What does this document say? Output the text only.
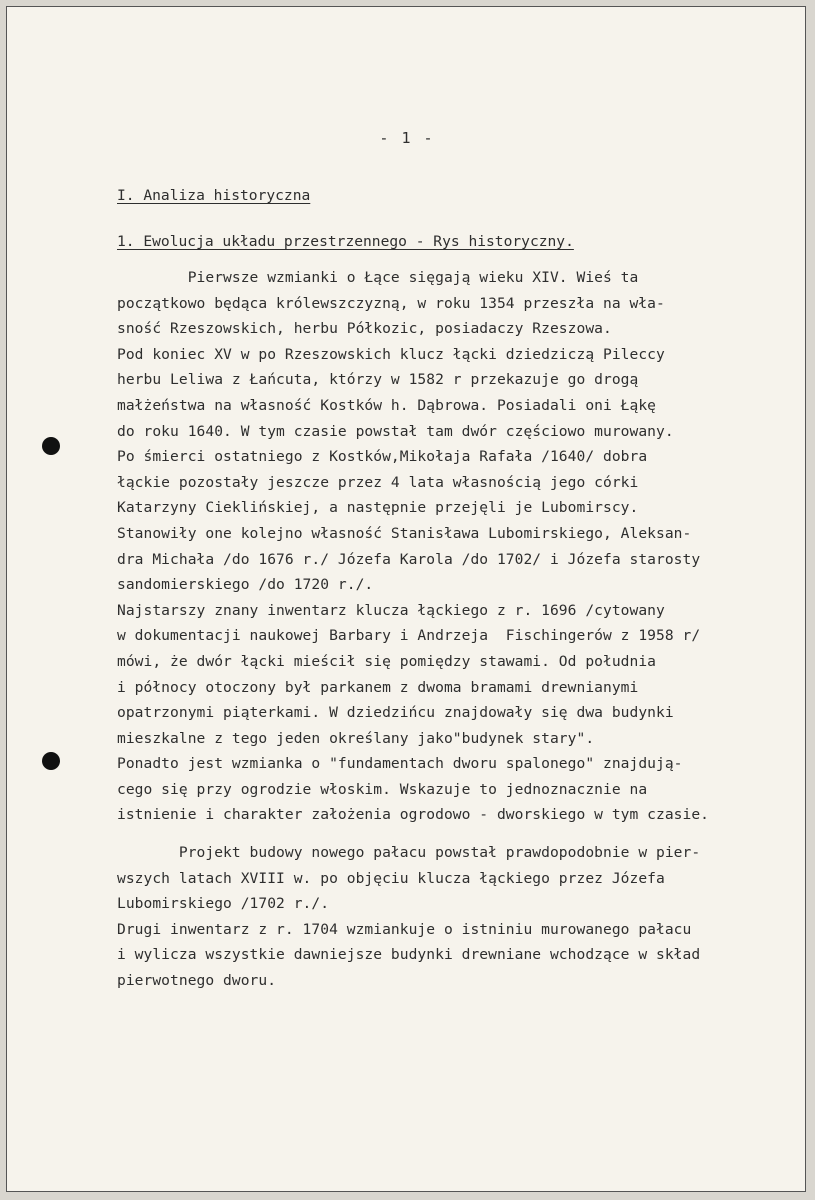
- 1 -
I. Analiza historyczna
1. Ewolucja układu przestrzennego - Rys historyczny.
Pierwsze wzmianki o Łące sięgają wieku XIV. Wieś ta
początkowo będąca królewszczyzną, w roku 1354 przeszła na wła-
sność Rzeszowskich, herbu Półkozic, posiadaczy Rzeszowa.
Pod koniec XV w po Rzeszowskich klucz łącki dziedziczą Pileccy
herbu Leliwa z Łańcuta, którzy w 1582 r przekazuje go drogą
małżeństwa na własność Kostków h. Dąbrowa. Posiadali oni Łąkę
do roku 1640. W tym czasie powstał tam dwór częściowo murowany.
Po śmierci ostatniego z Kostków,Mikołaja Rafała /1640/ dobra
łąckie pozostały jeszcze przez 4 lata własnością jego córki
Katarzyny Cieklińskiej, a następnie przejęli je Lubomirscy.
Stanowiły one kolejno własność Stanisława Lubomirskiego, Aleksan-
dra Michała /do 1676 r./ Józefa Karola /do 1702/ i Józefa starosty
sandomierskiego /do 1720 r./.
Najstarszy znany inwentarz klucza łąckiego z r. 1696 /cytowany
w dokumentacji naukowej Barbary i Andrzeja  Fischingerów z 1958 r/
mówi, że dwór łącki mieścił się pomiędzy stawami. Od południa
i północy otoczony był parkanem z dwoma bramami drewnianymi
opatrzonymi piąterkami. W dziedzińcu znajdowały się dwa budynki
mieszkalne z tego jeden określany jako"budynek stary".
Ponadto jest wzmianka o "fundamentach dworu spalonego" znajdują-
cego się przy ogrodzie włoskim. Wskazuje to jednoznacznie na
istnienie i charakter założenia ogrodowo - dworskiego w tym czasie.
Projekt budowy nowego pałacu powstał prawdopodobnie w pier-
wszych latach XVIII w. po objęciu klucza łąckiego przez Józefa
Lubomirskiego /1702 r./.
Drugi inwentarz z r. 1704 wzmiankuje o istniniu murowanego pałacu
i wylicza wszystkie dawniejsze budynki drewniane wchodzące w skład
pierwotnego dworu.
